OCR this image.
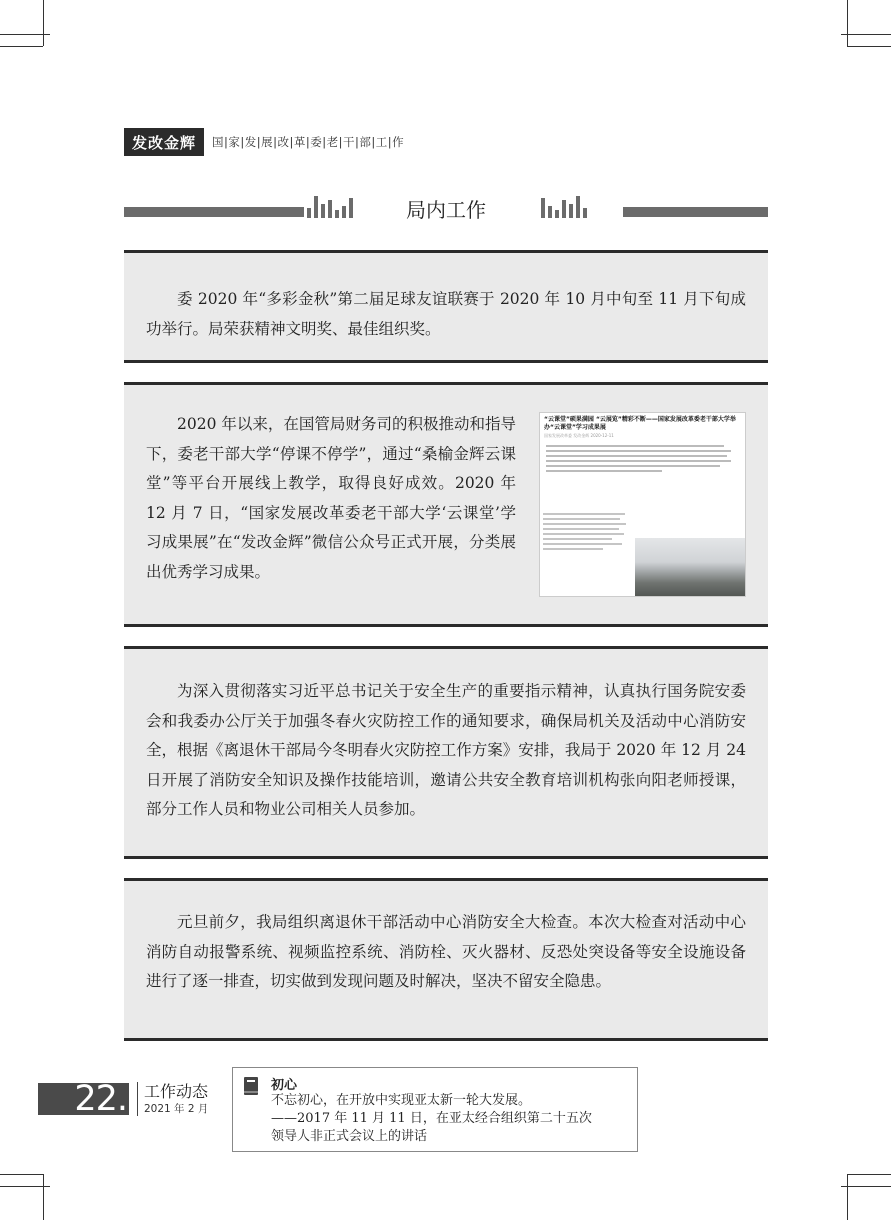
发改金辉	国|家|发|展|改|革|委|老|干|部|工|作
局内工作

委 2020 年“多彩金秋”第二届足球友谊联赛于 2020 年 10 月中旬至 11 月下旬成功举行。局荣获精神文明奖、最佳组织奖。

2020 年以来，在国管局财务司的积极推动和指导下，委老干部大学“停课不停学”，通过“桑榆金辉云课堂”等平台开展线上教学，取得良好成效。2020 年 12 月 7 日，“国家发展改革委老干部大学‘云课堂’学习成果展”在“发改金辉”微信公众号正式开展，分类展出优秀学习成果。

“云课堂”硕果满园 “云展览”精彩不断——国家发展改革委老干部大学举办“云课堂”学习成果展
国家发展改革委 发改金辉 2020-12-11

为深入贯彻落实习近平总书记关于安全生产的重要指示精神，认真执行国务院安委会和我委办公厅关于加强冬春火灾防控工作的通知要求，确保局机关及活动中心消防安全，根据《离退休干部局今冬明春火灾防控工作方案》安排，我局于 2020 年 12 月 24 日开展了消防安全知识及操作技能培训，邀请公共安全教育培训机构张向阳老师授课，部分工作人员和物业公司相关人员参加。

元旦前夕，我局组织离退休干部活动中心消防安全大检查。本次大检查对活动中心消防自动报警系统、视频监控系统、消防栓、灭火器材、反恐处突设备等安全设施设备进行了逐一排查，切实做到发现问题及时解决，坚决不留安全隐患。

22. 工作动态
2021 年 2 月
初心
不忘初心，在开放中实现亚太新一轮大发展。
——2017 年 11 月 11 日，在亚太经合组织第二十五次
领导人非正式会议上的讲话
